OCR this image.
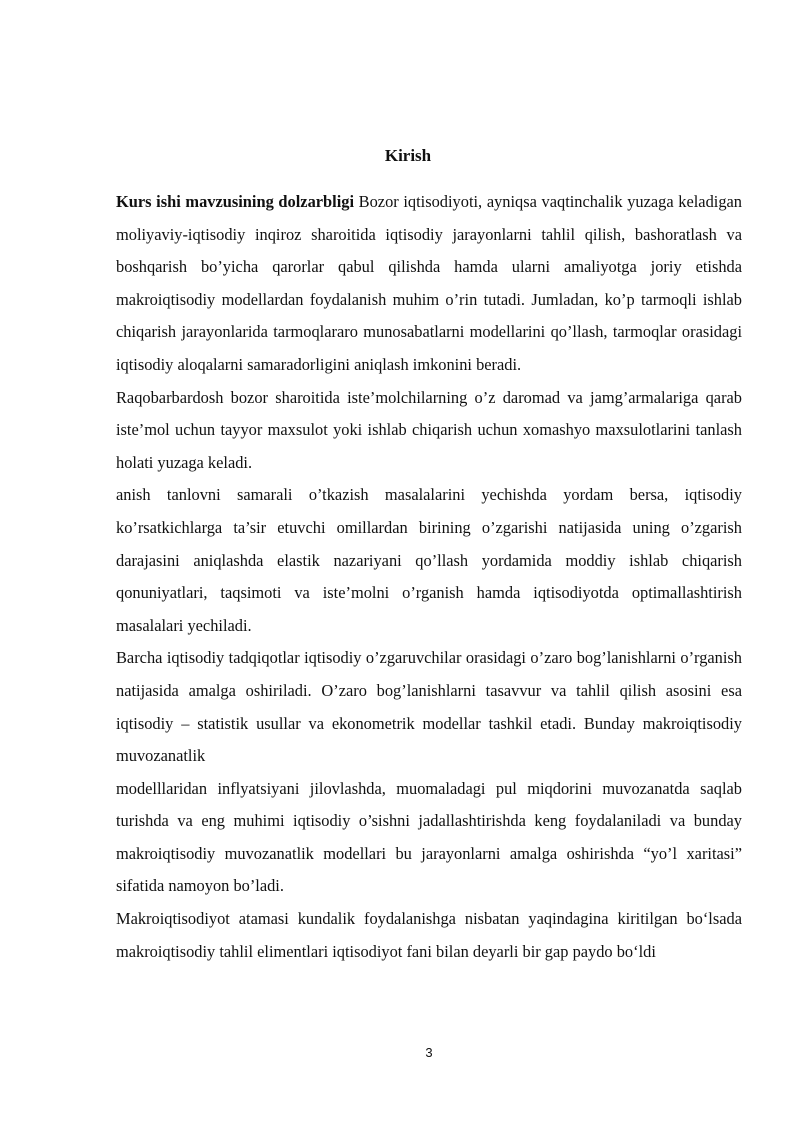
Kirish

Kurs ishi mavzusining dolzarbligi Bozor iqtisodiyoti, ayniqsa vaqtinchalik yuzaga keladigan moliyaviy-iqtisodiy inqiroz sharoitida iqtisodiy jarayonlarni tahlil qilish, bashoratlash va boshqarish bo’yicha qarorlar qabul qilishda hamda ularni amaliyotga joriy etishda makroiqtisodiy modellardan foydalanish muhim o’rin tutadi. Jumladan, ko’p tarmoqli ishlab chiqarish jarayonlarida tarmoqlararo munosabatlarni modellarini qo’llash, tarmoqlar orasidagi iqtisodiy aloqalarni samaradorligini aniqlash imkonini beradi.

Raqobarbardosh bozor sharoitida iste’molchilarning o’z daromad va jamg’armalariga qarab iste’mol uchun tayyor maxsulot yoki ishlab chiqarish uchun xomashyo maxsulotlarini tanlash holati yuzaga keladi.

anish tanlovni samarali o’tkazish masalalarini yechishda yordam bersa, iqtisodiy ko’rsatkichlarga ta’sir etuvchi omillardan birining o’zgarishi natijasida uning o’zgarish darajasini aniqlashda elastik nazariyani qo’llash yordamida moddiy ishlab chiqarish qonuniyatlari, taqsimoti va iste’molni o’rganish hamda iqtisodiyotda optimallashtirish masalalari yechiladi.

Barcha iqtisodiy tadqiqotlar iqtisodiy o’zgaruvchilar orasidagi o’zaro bog’lanishlarni o’rganish natijasida amalga oshiriladi. O’zaro bog’lanishlarni tasavvur va tahlil qilish asosini esa iqtisodiy – statistik usullar va ekonometrik modellar tashkil etadi. Bunday makroiqtisodiy muvozanatlik

modelllaridan inflyatsiyani jilovlashda, muomaladagi pul miqdorini muvozanatda saqlab turishda va eng muhimi iqtisodiy o’sishni jadallashtirishda keng foydalaniladi va bunday makroiqtisodiy muvozanatlik modellari bu jarayonlarni amalga oshirishda “yo’l xaritasi” sifatida namoyon bo’ladi.

Makroiqtisodiyot atamasi kundalik foydalanishga nisbatan yaqindagina kiritilgan bo‘lsada makroiqtisodiy tahlil elimentlari iqtisodiyot fani bilan deyarli bir gap paydo bo‘ldi

3
